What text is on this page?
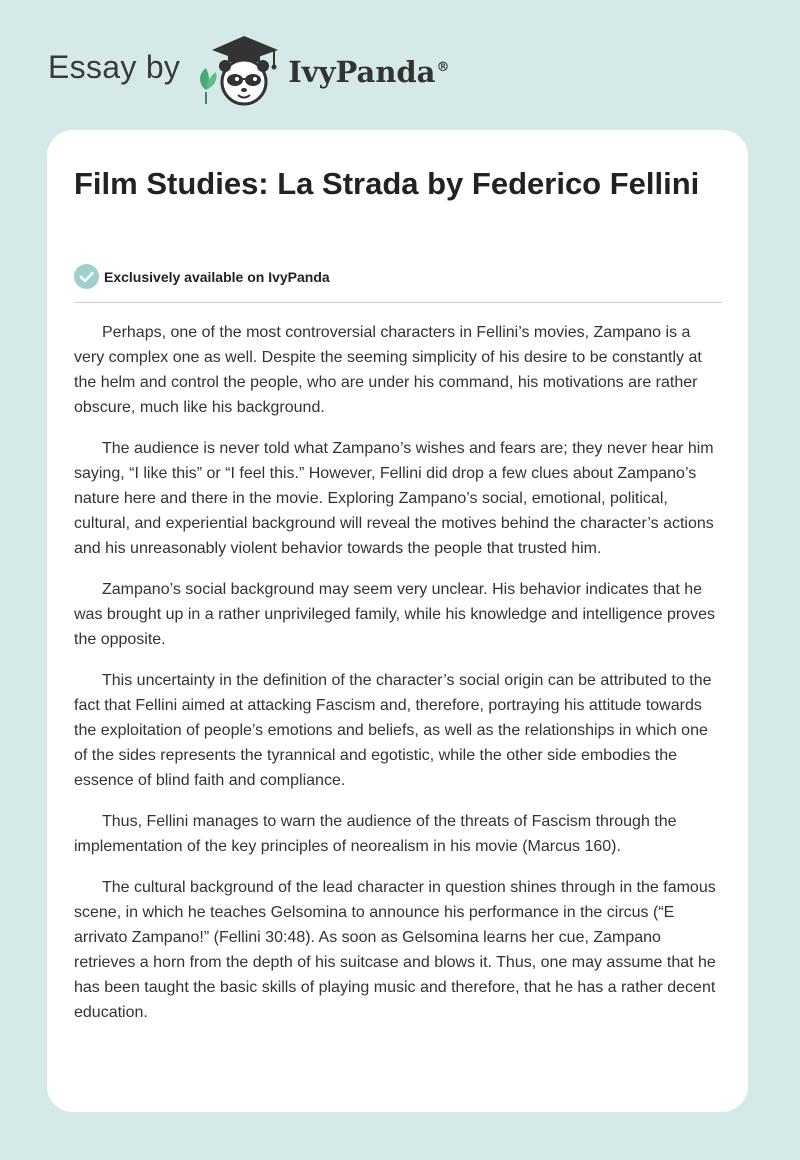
Essay by	IvyPanda®
Film Studies: La Strada by Federico Fellini
Exclusively available on IvyPanda

Perhaps, one of the most controversial characters in Fellini’s movies, Zampano is a very complex one as well. Despite the seeming simplicity of his desire to be constantly at the helm and control the people, who are under his command, his motivations are rather obscure, much like his background.

The audience is never told what Zampano’s wishes and fears are; they never hear him saying, “I like this” or “I feel this.” However, Fellini did drop a few clues about Zampano’s nature here and there in the movie. Exploring Zampano’s social, emotional, political, cultural, and experiential background will reveal the motives behind the character’s actions and his unreasonably violent behavior towards the people that trusted him.

Zampano’s social background may seem very unclear. His behavior indicates that he was brought up in a rather unprivileged family, while his knowledge and intelligence proves the opposite.

This uncertainty in the definition of the character’s social origin can be attributed to the fact that Fellini aimed at attacking Fascism and, therefore, portraying his attitude towards the exploitation of people’s emotions and beliefs, as well as the relationships in which one of the sides represents the tyrannical and egotistic, while the other side embodies the essence of blind faith and compliance.

Thus, Fellini manages to warn the audience of the threats of Fascism through the implementation of the key principles of neorealism in his movie (Marcus 160).

The cultural background of the lead character in question shines through in the famous scene, in which he teaches Gelsomina to announce his performance in the circus (“E arrivato Zampano!” (Fellini 30:48). As soon as Gelsomina learns her cue, Zampano retrieves a horn from the depth of his suitcase and blows it. Thus, one may assume that he has been taught the basic skills of playing music and therefore, that he has a rather decent education.
